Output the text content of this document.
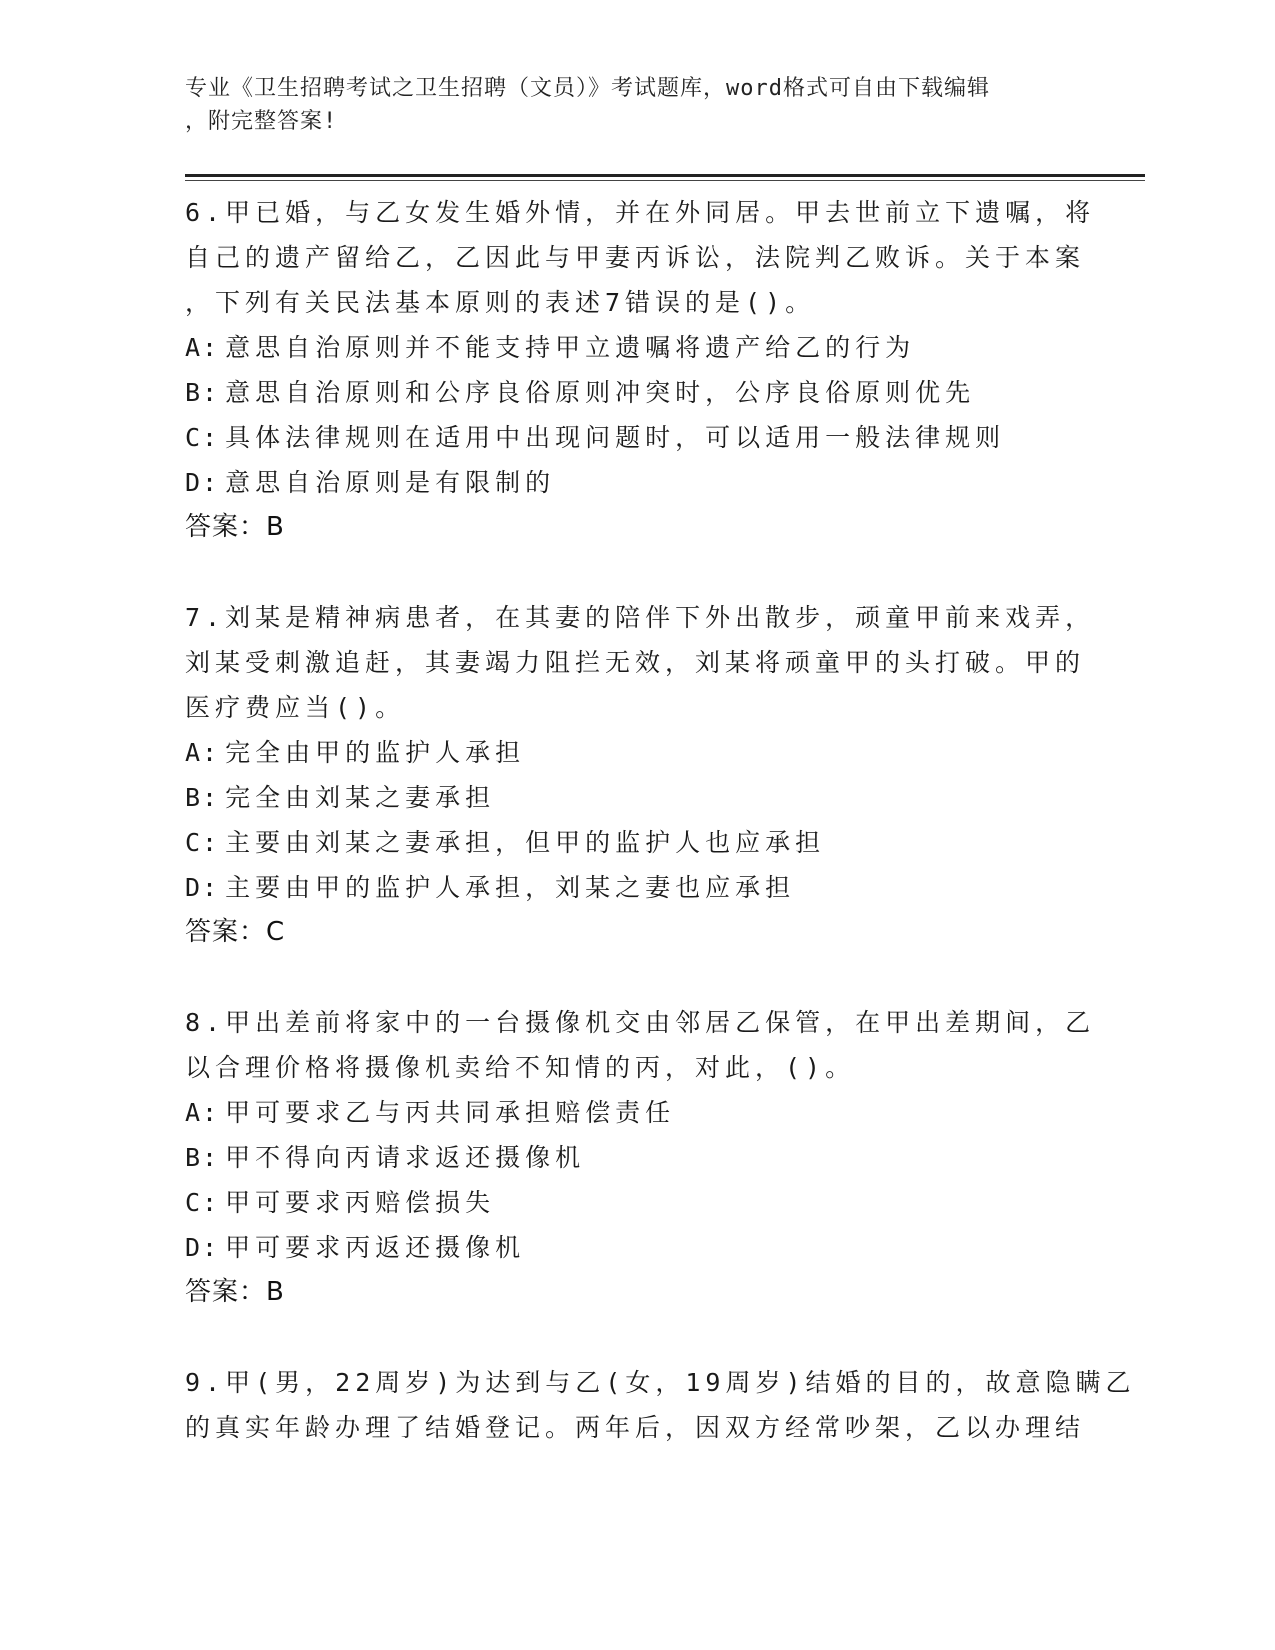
专业《卫生招聘考试之卫生招聘（文员）》考试题库，word格式可自由下载编辑
，附完整答案!
6.甲已婚，与乙女发生婚外情，并在外同居。甲去世前立下遗嘱，将
自己的遗产留给乙，乙因此与甲妻丙诉讼，法院判乙败诉。关于本案
，下列有关民法基本原则的表述7错误的是()。
A: 意思自治原则并不能支持甲立遗嘱将遗产给乙的行为
B: 意思自治原则和公序良俗原则冲突时，公序良俗原则优先
C: 具体法律规则在适用中出现问题时，可以适用一般法律规则
D: 意思自治原则是有限制的
答案：B
7.刘某是精神病患者，在其妻的陪伴下外出散步，顽童甲前来戏弄，
刘某受刺激追赶，其妻竭力阻拦无效，刘某将顽童甲的头打破。甲的
医疗费应当()。
A: 完全由甲的监护人承担
B: 完全由刘某之妻承担
C: 主要由刘某之妻承担，但甲的监护人也应承担
D: 主要由甲的监护人承担，刘某之妻也应承担
答案：C
8.甲出差前将家中的一台摄像机交由邻居乙保管，在甲出差期间，乙
以合理价格将摄像机卖给不知情的丙，对此，()。
A: 甲可要求乙与丙共同承担赔偿责任
B: 甲不得向丙请求返还摄像机
C: 甲可要求丙赔偿损失
D: 甲可要求丙返还摄像机
答案：B
9.甲(男，22周岁)为达到与乙(女，19周岁)结婚的目的，故意隐瞒乙
的真实年龄办理了结婚登记。两年后，因双方经常吵架，乙以办理结
